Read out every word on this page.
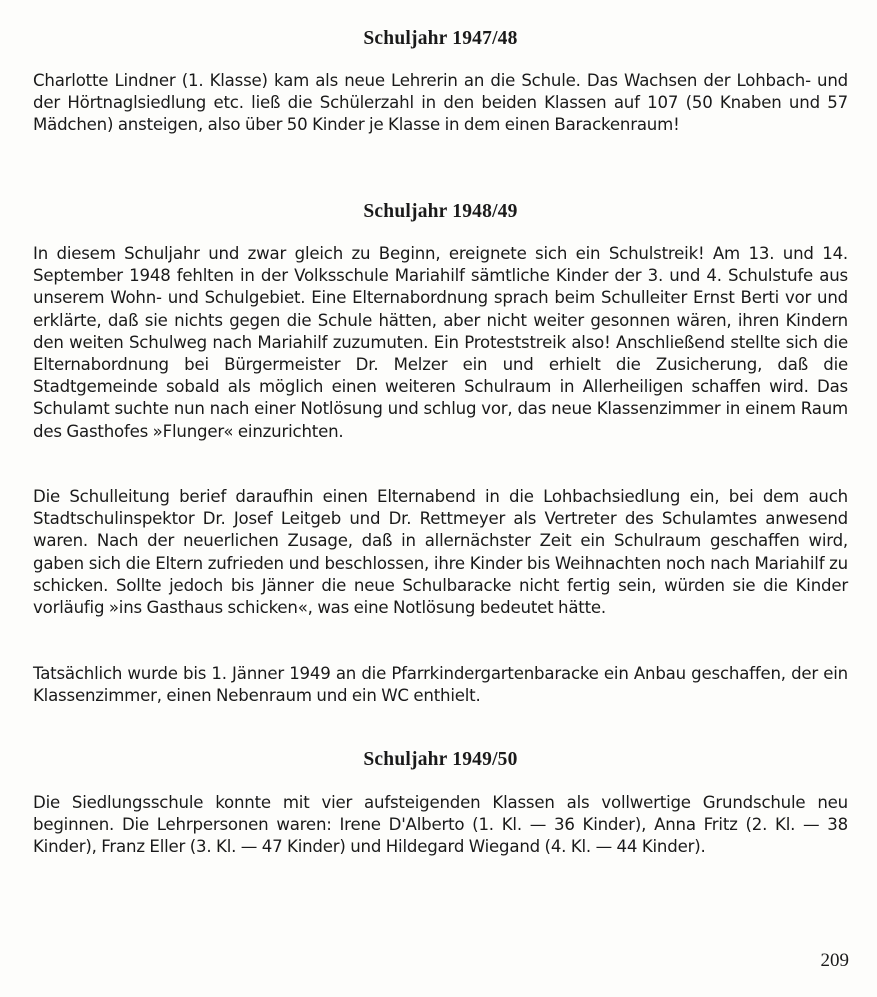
Schuljahr 1947/48

Charlotte Lindner (1. Klasse) kam als neue Lehrerin an die Schule. Das Wachsen der Lohbach- und der Hörtnaglsiedlung etc. ließ die Schülerzahl in den beiden Klassen auf 107 (50 Knaben und 57 Mädchen) ansteigen, also über 50 Kinder je Klasse in dem einen Barackenraum!

Schuljahr 1948/49

In diesem Schuljahr und zwar gleich zu Beginn, ereignete sich ein Schulstreik! Am 13. und 14. September 1948 fehlten in der Volksschule Mariahilf sämtliche Kinder der 3. und 4. Schulstufe aus unserem Wohn- und Schulgebiet. Eine Elternabordnung sprach beim Schulleiter Ernst Berti vor und erklärte, daß sie nichts gegen die Schule hätten, aber nicht weiter gesonnen wären, ihren Kindern den weiten Schulweg nach Mariahilf zuzumuten. Ein Proteststreik also! Anschließend stellte sich die Elternabordnung bei Bürgermeister Dr. Melzer ein und erhielt die Zusicherung, daß die Stadtgemeinde sobald als möglich einen weiteren Schulraum in Allerheiligen schaffen wird. Das Schulamt suchte nun nach einer Notlösung und schlug vor, das neue Klassenzimmer in einem Raum des Gasthofes »Flunger« einzurichten.

Die Schulleitung berief daraufhin einen Elternabend in die Lohbachsiedlung ein, bei dem auch Stadtschulinspektor Dr. Josef Leitgeb und Dr. Rettmeyer als Vertreter des Schulamtes anwesend waren. Nach der neuerlichen Zusage, daß in allernächster Zeit ein Schulraum geschaffen wird, gaben sich die Eltern zufrieden und beschlossen, ihre Kinder bis Weihnachten noch nach Mariahilf zu schicken. Sollte jedoch bis Jänner die neue Schulbaracke nicht fertig sein, würden sie die Kinder vorläufig »ins Gasthaus schicken«, was eine Notlösung bedeutet hätte.

Tatsächlich wurde bis 1. Jänner 1949 an die Pfarrkindergartenbaracke ein Anbau geschaffen, der ein Klassenzimmer, einen Nebenraum und ein WC enthielt.

Schuljahr 1949/50

Die Siedlungsschule konnte mit vier aufsteigenden Klassen als vollwertige Grundschule neu beginnen. Die Lehrpersonen waren: Irene D'Alberto (1. Kl. — 36 Kinder), Anna Fritz (2. Kl. — 38 Kinder), Franz Eller (3. Kl. — 47 Kinder) und Hildegard Wiegand (4. Kl. — 44 Kinder).

209
